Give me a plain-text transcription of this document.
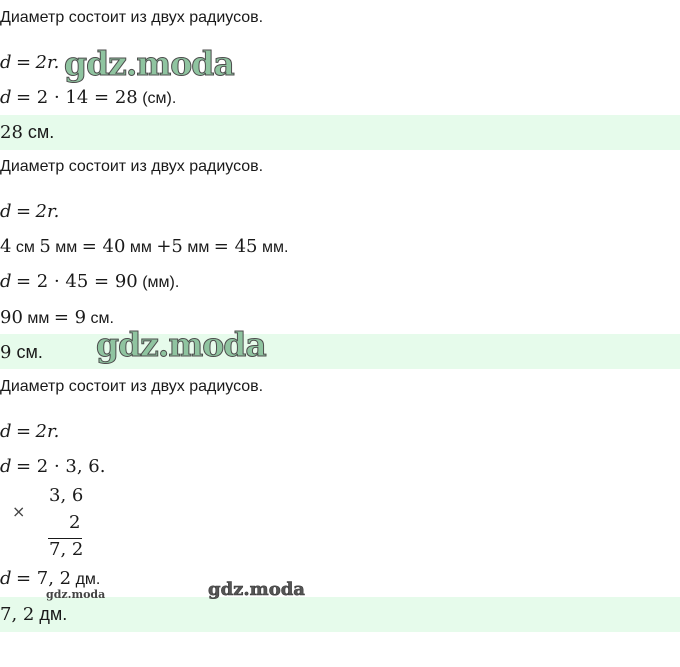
Диаметр состоит из двух радиусов.
d = 2r. gdz.moda
d = 2 · 14 = 28 (см).
28 см.
Диаметр состоит из двух радиусов.
d = 2r.
4 см 5 мм = 40 мм +5 мм = 45 мм.
d = 2 · 45 = 90 (мм).
90 мм = 9 см.
9 см. gdz.moda
Диаметр состоит из двух радиусов.
d = 2r.
d = 2 · 3, 6.
×
3, 6
2
7, 2
d = 7, 2 дм.
gdz.moda	gdz.moda
7, 2 дм.
